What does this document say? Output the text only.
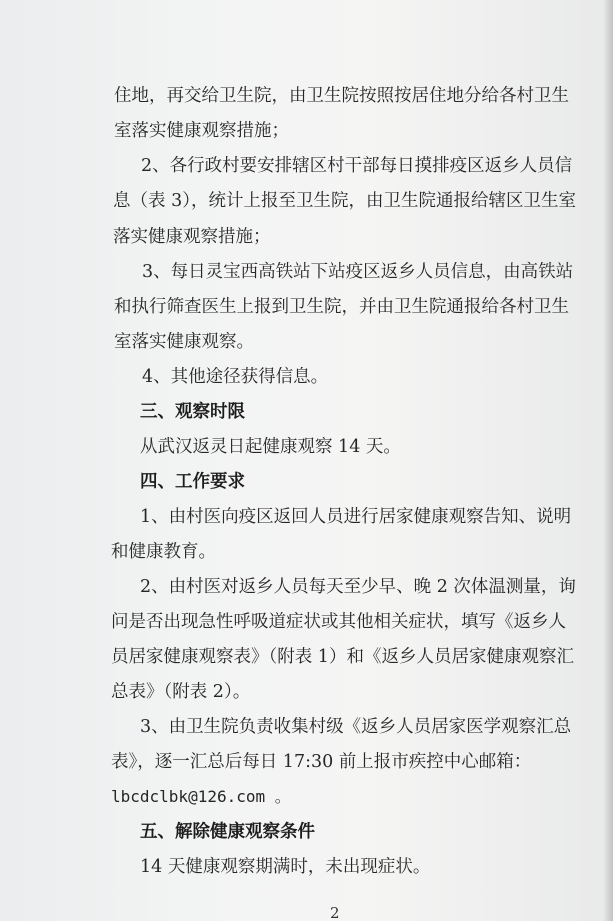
住地，再交给卫生院，由卫生院按照按居住地分给各村卫生
室落实健康观察措施；
2、各行政村要安排辖区村干部每日摸排疫区返乡人员信
息（表 3），统计上报至卫生院，由卫生院通报给辖区卫生室
落实健康观察措施；
3、每日灵宝西高铁站下站疫区返乡人员信息，由高铁站
和执行筛查医生上报到卫生院，并由卫生院通报给各村卫生
室落实健康观察。
4、其他途径获得信息。
三、观察时限
从武汉返灵日起健康观察 14 天。
四、工作要求
1、由村医向疫区返回人员进行居家健康观察告知、说明
和健康教育。
2、由村医对返乡人员每天至少早、晚 2 次体温测量，询
问是否出现急性呼吸道症状或其他相关症状，填写《返乡人
员居家健康观察表》（附表 1）和《返乡人员居家健康观察汇
总表》（附表 2）。
3、由卫生院负责收集村级《返乡人员居家医学观察汇总
表》，逐一汇总后每日 17:30 前上报市疾控中心邮箱：
lbcdclbk@126.com 。
五、解除健康观察条件
14 天健康观察期满时，未出现症状。
2
